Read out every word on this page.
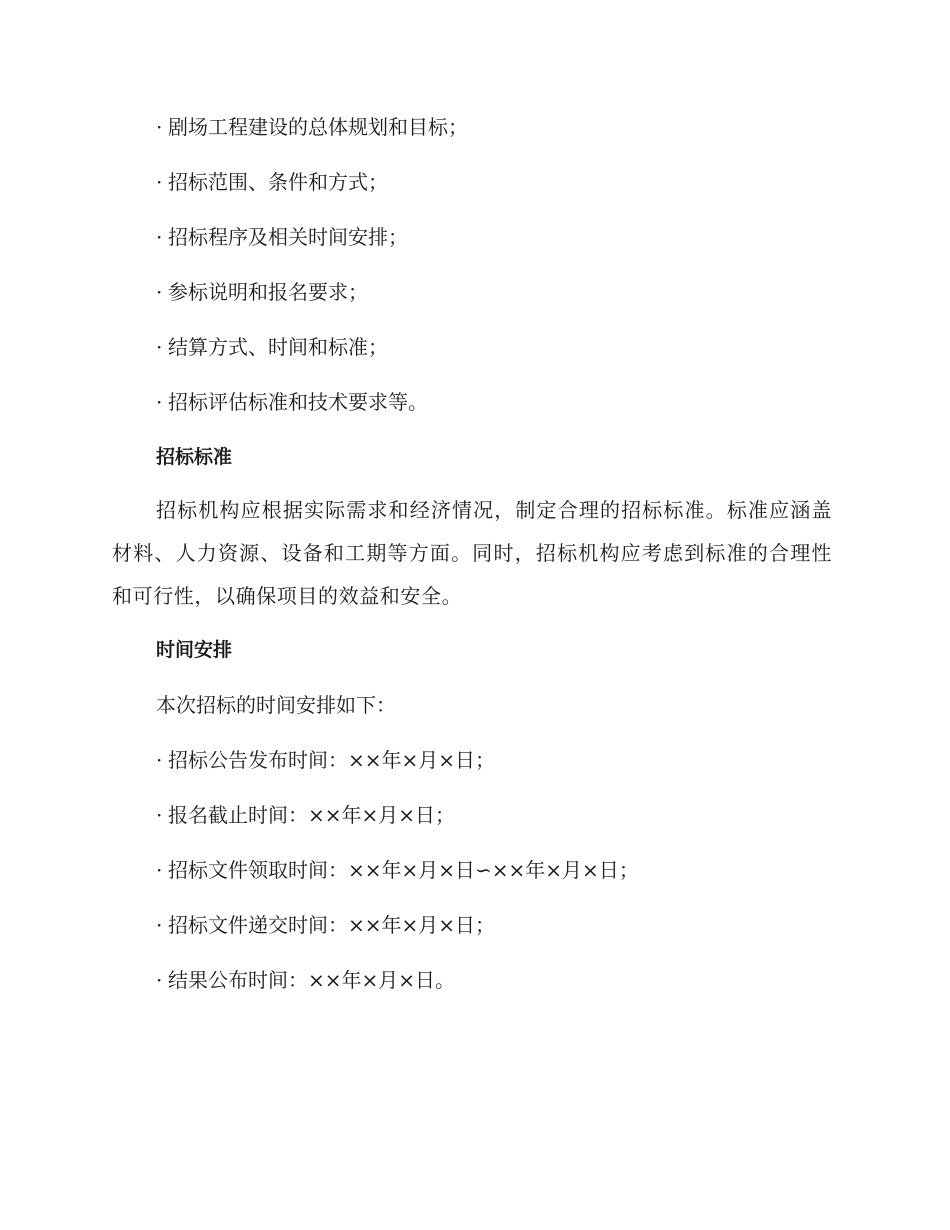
· 剧场工程建设的总体规划和目标；
· 招标范围、条件和方式；
· 招标程序及相关时间安排；
· 参标说明和报名要求；
· 结算方式、时间和标准；
· 招标评估标准和技术要求等。
招标标准
招标机构应根据实际需求和经济情况，制定合理的招标标准。标准应涵盖材料、人力资源、设备和工期等方面。同时，招标机构应考虑到标准的合理性和可行性，以确保项目的效益和安全。
时间安排
本次招标的时间安排如下：
· 招标公告发布时间：××年×月×日；
· 报名截止时间：××年×月×日；
· 招标文件领取时间：××年×月×日∽××年×月×日；
· 招标文件递交时间：××年×月×日；
· 结果公布时间：××年×月×日。
